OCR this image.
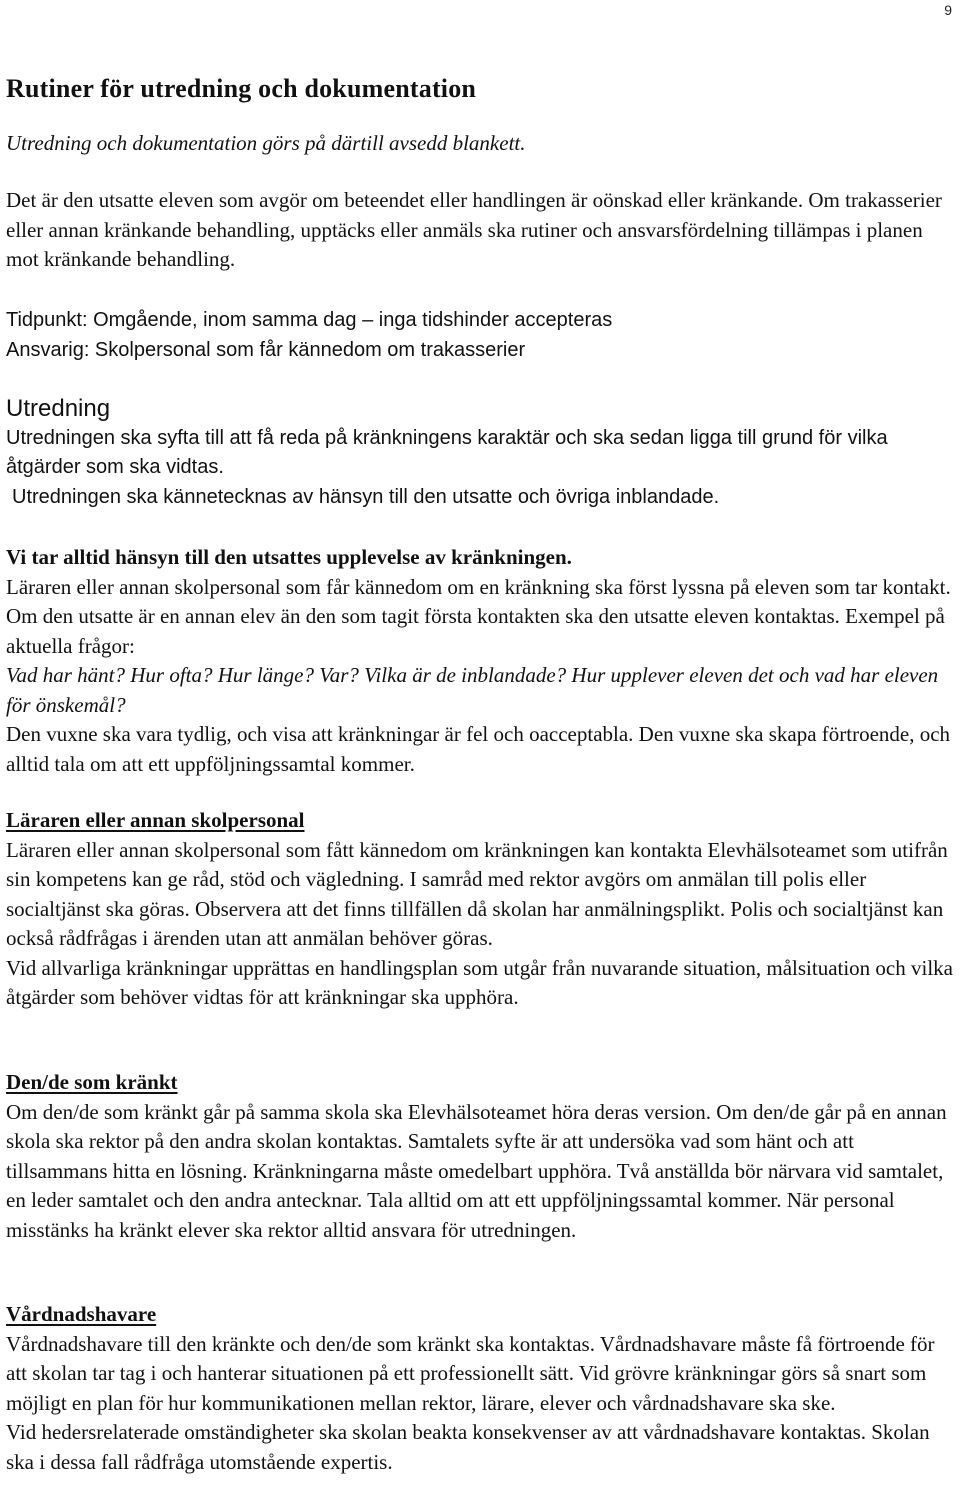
9
Rutiner för utredning och dokumentation

Utredning och dokumentation görs på därtill avsedd blankett.

Det är den utsatte eleven som avgör om beteendet eller handlingen är oönskad eller kränkande. Om trakasserier eller annan kränkande behandling, upptäcks eller anmäls ska rutiner och ansvarsfördelning tillämpas i planen mot kränkande behandling.

Tidpunkt: Omgående, inom samma dag – inga tidshinder accepteras

Ansvarig: Skolpersonal som får kännedom om trakasserier

Utredning

Utredningen ska syfta till att få reda på kränkningens karaktär och ska sedan ligga till grund för vilka åtgärder som ska vidtas.

Utredningen ska kännetecknas av hänsyn till den utsatte och övriga inblandade.

Vi tar alltid hänsyn till den utsattes upplevelse av kränkningen.

Läraren eller annan skolpersonal som får kännedom om en kränkning ska först lyssna på eleven som tar kontakt. Om den utsatte är en annan elev än den som tagit första kontakten ska den utsatte eleven kontaktas. Exempel på aktuella frågor:

Vad har hänt? Hur ofta? Hur länge? Var? Vilka är de inblandade? Hur upplever eleven det och vad har eleven för önskemål?

Den vuxne ska vara tydlig, och visa att kränkningar är fel och oacceptabla. Den vuxne ska skapa förtroende, och alltid tala om att ett uppföljningssamtal kommer.

Läraren eller annan skolpersonal

Läraren eller annan skolpersonal som fått kännedom om kränkningen kan kontakta Elevhälsoteamet som utifrån sin kompetens kan ge råd, stöd och vägledning. I samråd med rektor avgörs om anmälan till polis eller socialtjänst ska göras. Observera att det finns tillfällen då skolan har anmälningsplikt. Polis och socialtjänst kan också rådfrågas i ärenden utan att anmälan behöver göras.

Vid allvarliga kränkningar upprättas en handlingsplan som utgår från nuvarande situation, målsituation och vilka åtgärder som behöver vidtas för att kränkningar ska upphöra.

Den/de som kränkt

Om den/de som kränkt går på samma skola ska Elevhälsoteamet höra deras version. Om den/de går på en annan skola ska rektor på den andra skolan kontaktas. Samtalets syfte är att undersöka vad som hänt och att tillsammans hitta en lösning. Kränkningarna måste omedelbart upphöra. Två anställda bör närvara vid samtalet, en leder samtalet och den andra antecknar. Tala alltid om att ett uppföljningssamtal kommer. När personal misstänks ha kränkt elever ska rektor alltid ansvara för utredningen.

Vårdnadshavare

Vårdnadshavare till den kränkte och den/de som kränkt ska kontaktas. Vårdnadshavare måste få förtroende för att skolan tar tag i och hanterar situationen på ett professionellt sätt. Vid grövre kränkningar görs så snart som möjligt en plan för hur kommunikationen mellan rektor, lärare, elever och vårdnadshavare ska ske.

Vid hedersrelaterade omständigheter ska skolan beakta konsekvenser av att vårdnadshavare kontaktas. Skolan ska i dessa fall rådfråga utomstående expertis.
